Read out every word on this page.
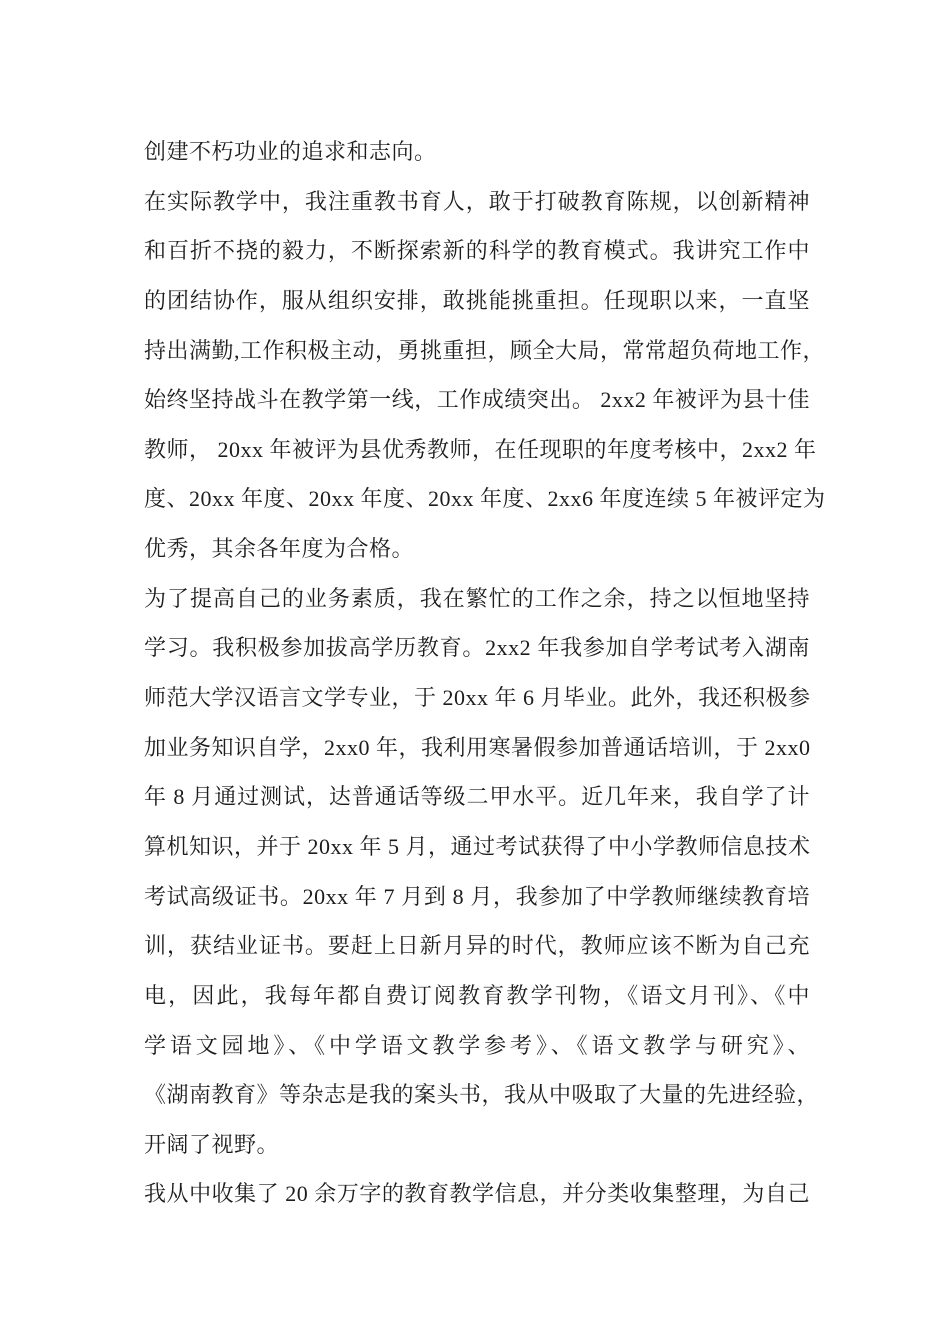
创建不朽功业的追求和志向。
在实际教学中，我注重教书育人，敢于打破教育陈规，以创新精神
和百折不挠的毅力，不断探索新的科学的教育模式。我讲究工作中
的团结协作，服从组织安排，敢挑能挑重担。任现职以来，一直坚
持出满勤,工作积极主动，勇挑重担，顾全大局，常常超负荷地工作，
始终坚持战斗在教学第一线，工作成绩突出。 2xx2 年被评为县十佳
教师， 20xx 年被评为县优秀教师，在任现职的年度考核中，2xx2 年
度、20xx 年度、20xx 年度、20xx 年度、2xx6 年度连续 5 年被评定为
优秀，其余各年度为合格。
为了提高自己的业务素质，我在繁忙的工作之余，持之以恒地坚持
学习。我积极参加拔高学历教育。2xx2 年我参加自学考试考入湖南
师范大学汉语言文学专业，于 20xx 年 6 月毕业。此外，我还积极参
加业务知识自学，2xx0 年，我利用寒暑假参加普通话培训，于 2xx0
年 8 月通过测试，达普通话等级二甲水平。近几年来，我自学了计
算机知识，并于 20xx 年 5 月，通过考试获得了中小学教师信息技术
考试高级证书。20xx 年 7 月到 8 月，我参加了中学教师继续教育培
训，获结业证书。要赶上日新月异的时代，教师应该不断为自己充
电，因此，我每年都自费订阅教育教学刊物，《语文月刊》、《中
学语文园地》、《中学语文教学参考》、《语文教学与研究》、
《湖南教育》等杂志是我的案头书，我从中吸取了大量的先进经验，
开阔了视野。
我从中收集了 20 余万字的教育教学信息，并分类收集整理，为自己
